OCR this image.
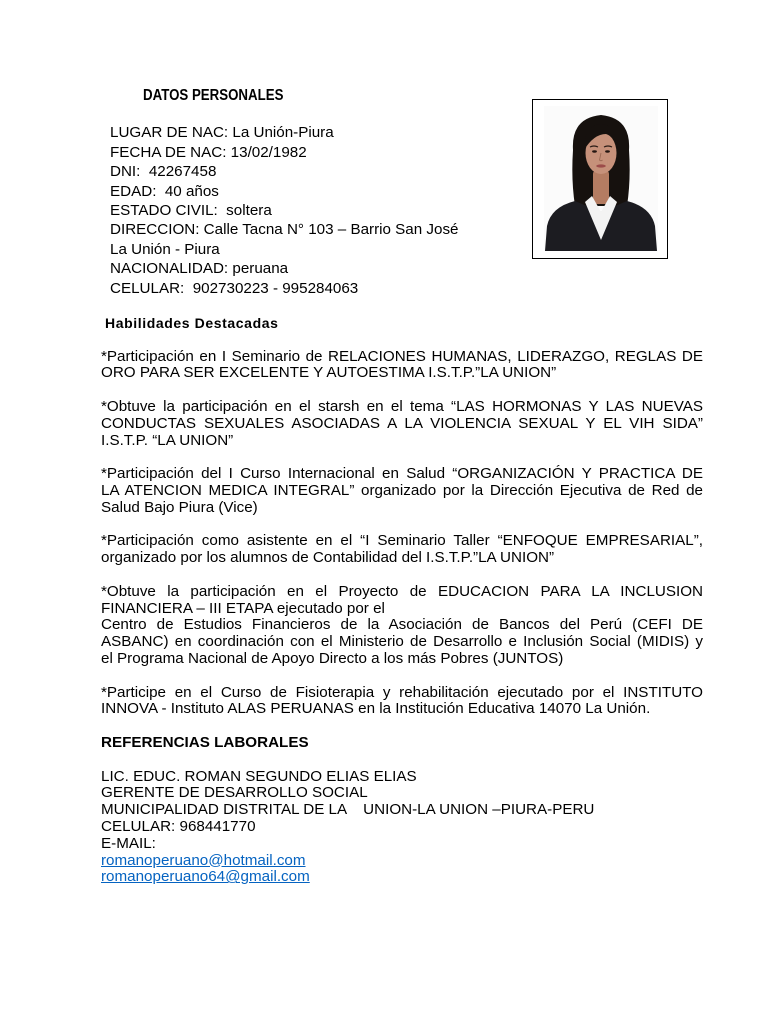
DATOS PERSONALES
LUGAR DE NAC: La Unión-Piura
FECHA DE NAC: 13/02/1982
DNI:  42267458
EDAD:  40 años
ESTADO CIVIL:  soltera
DIRECCION: Calle Tacna N° 103 – Barrio San José
La Unión - Piura
NACIONALIDAD: peruana
CELULAR:  902730223 - 995284063
Habilidades Destacadas
*Participación en I Seminario de RELACIONES HUMANAS, LIDERAZGO, REGLAS DE
ORO PARA SER EXCELENTE Y AUTOESTIMA I.S.T.P.”LA UNION”
*Obtuve la participación en el starsh en el tema “LAS HORMONAS Y LAS NUEVAS
CONDUCTAS SEXUALES ASOCIADAS A LA VIOLENCIA SEXUAL Y EL VIH SIDA”
I.S.T.P. “LA UNION”
*Participación del I Curso Internacional en Salud “ORGANIZACIÓN Y PRACTICA DE
LA ATENCION MEDICA INTEGRAL” organizado por la Dirección Ejecutiva de Red de
Salud Bajo Piura (Vice)
*Participación como asistente en el “I Seminario Taller “ENFOQUE EMPRESARIAL”,
organizado por los alumnos de Contabilidad del I.S.T.P.”LA UNION”
*Obtuve la participación en el Proyecto de EDUCACION PARA LA INCLUSION
FINANCIERA – III ETAPA ejecutado por el
Centro de Estudios Financieros de la Asociación de Bancos del Perú (CEFI DE
ASBANC) en coordinación con el Ministerio de Desarrollo e Inclusión Social (MIDIS) y
el Programa Nacional de Apoyo Directo a los más Pobres (JUNTOS)
*Participe en el Curso de Fisioterapia y rehabilitación ejecutado por el INSTITUTO
INNOVA - Instituto ALAS PERUANAS en la Institución Educativa 14070 La Unión.
REFERENCIAS LABORALES
LIC. EDUC. ROMAN SEGUNDO ELIAS ELIAS
GERENTE DE DESARROLLO SOCIAL
MUNICIPALIDAD DISTRITAL DE LA    UNION-LA UNION –PIURA-PERU
CELULAR: 968441770
E-MAIL:
romanoperuano@hotmail.com
romanoperuano64@gmail.com
